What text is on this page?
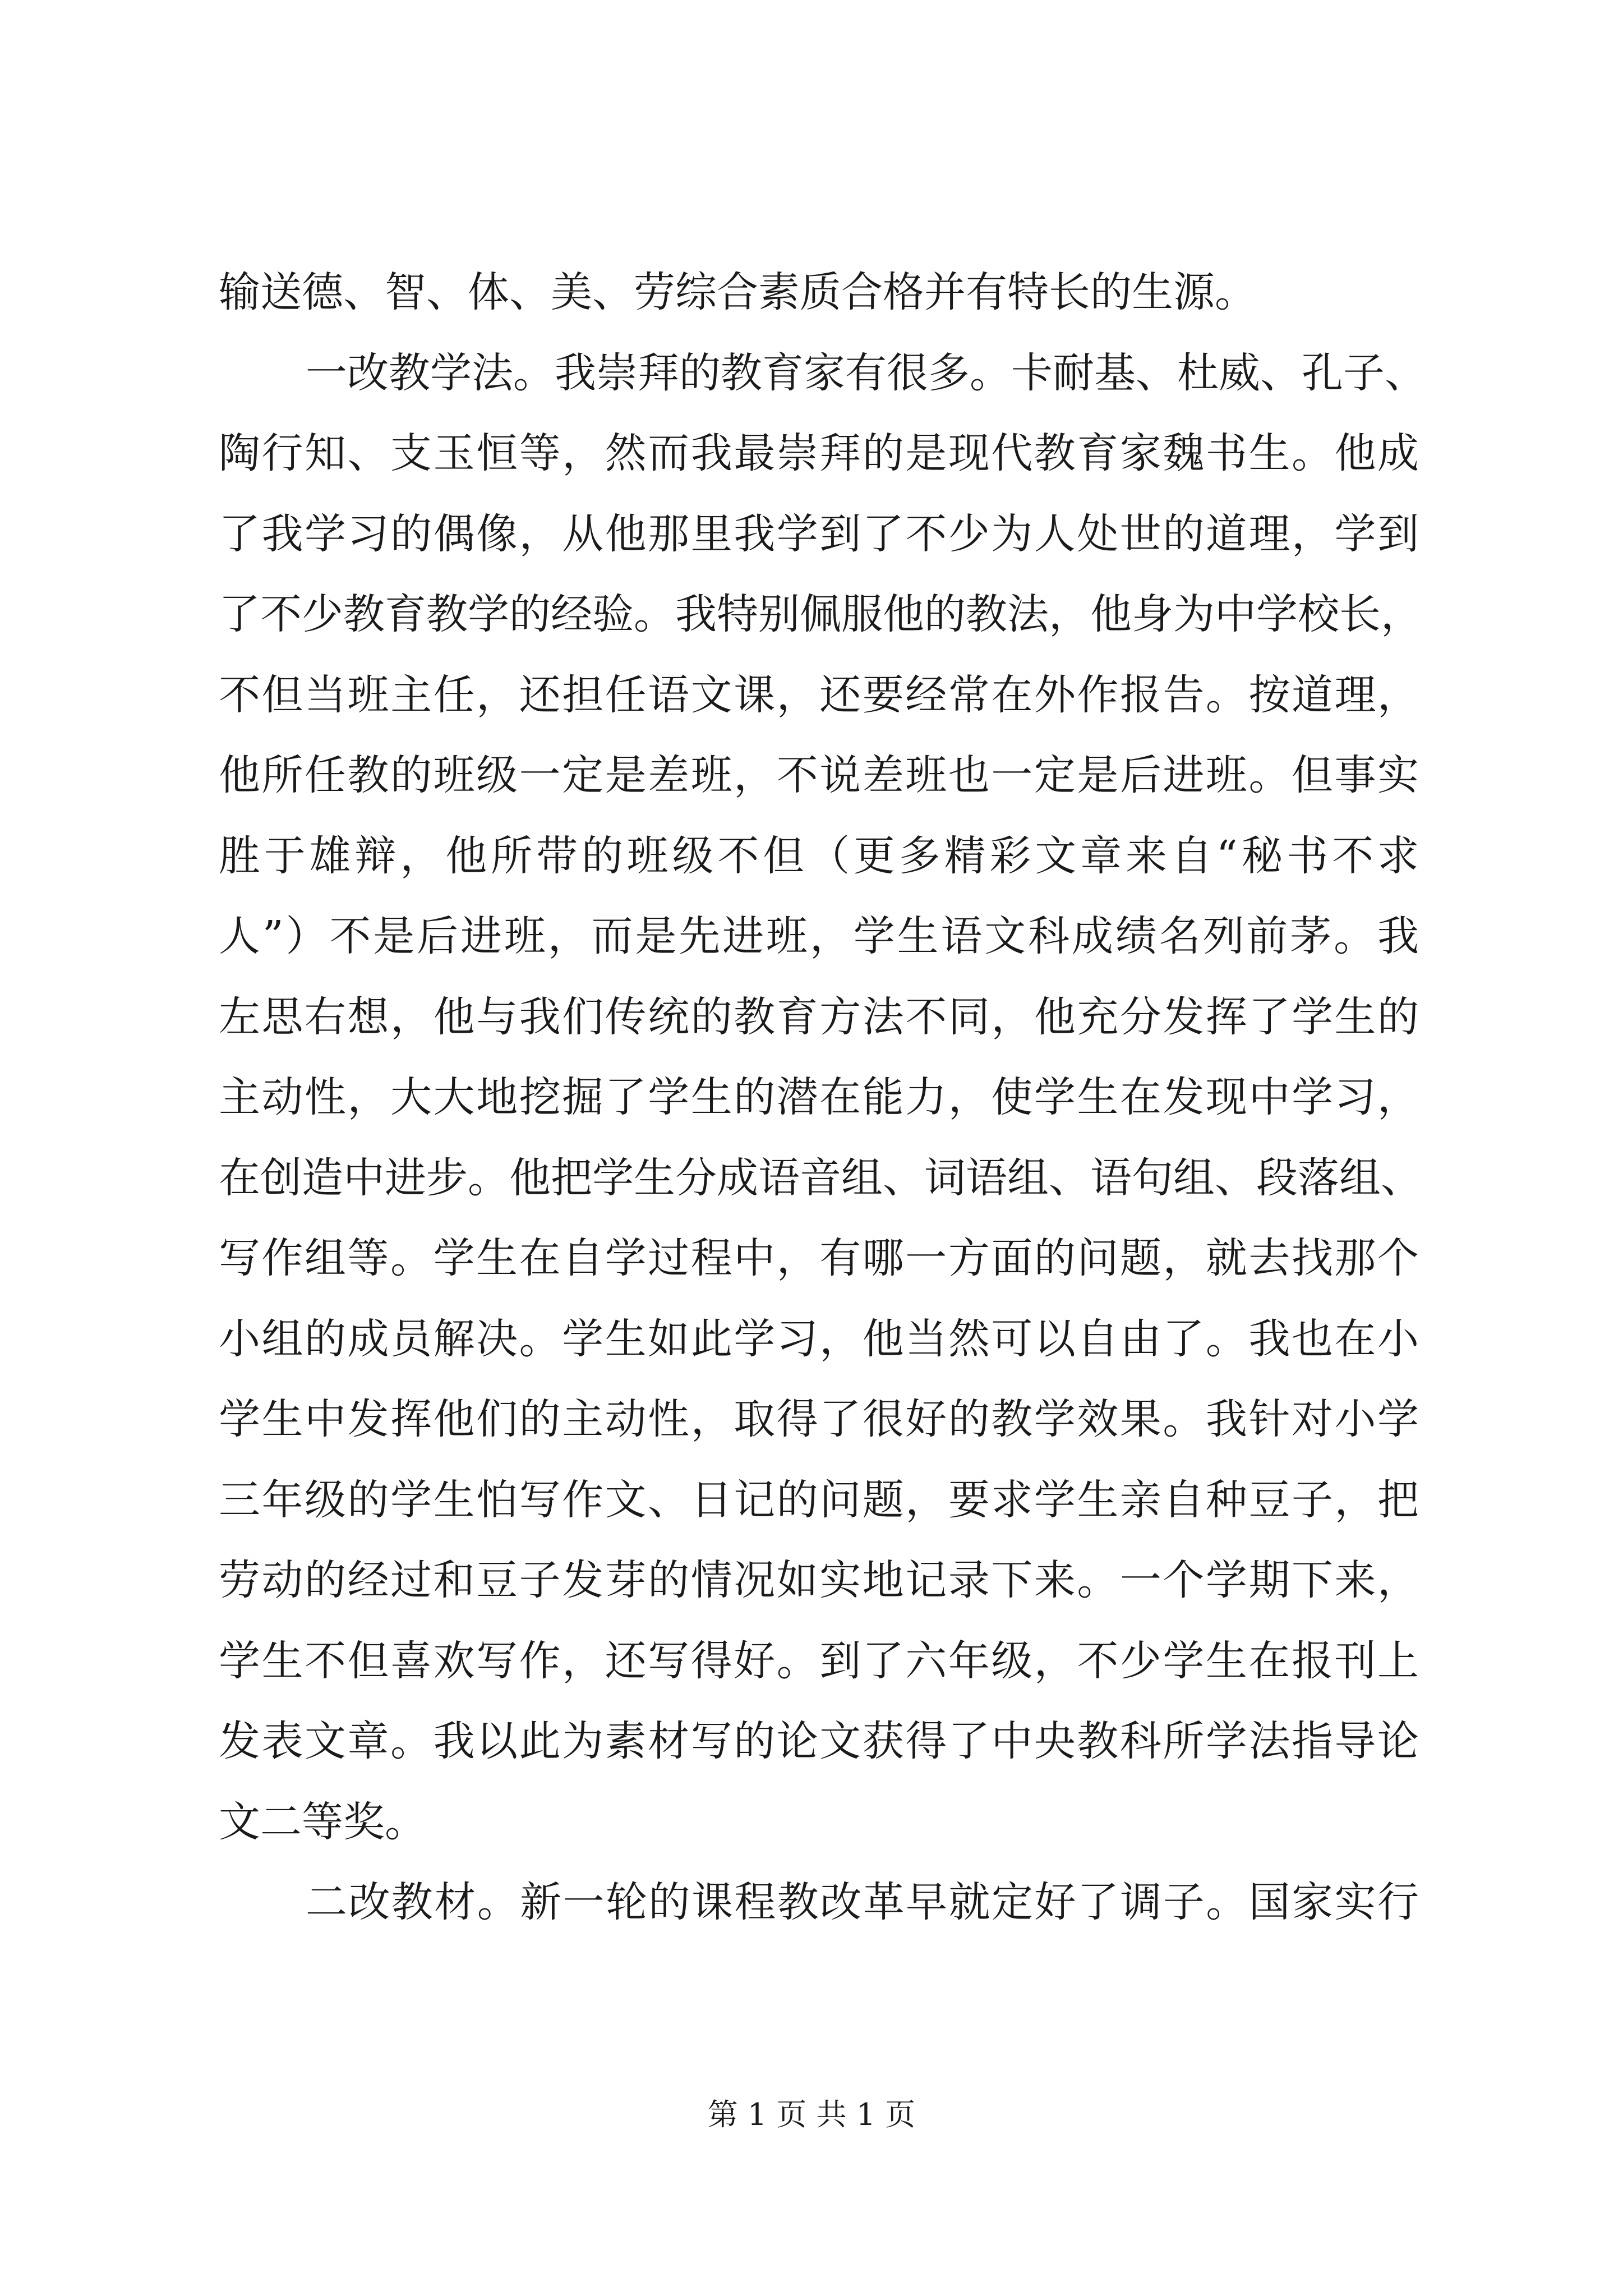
输送德、智、体、美、劳综合素质合格并有特长的生源。
一改教学法。我崇拜的教育家有很多。卡耐基、杜威、孔子、
陶行知、支玉恒等，然而我最崇拜的是现代教育家魏书生。他成
了我学习的偶像，从他那里我学到了不少为人处世的道理，学到
了不少教育教学的经验。我特别佩服他的教法，他身为中学校长，
不但当班主任，还担任语文课，还要经常在外作报告。按道理，
他所任教的班级一定是差班，不说差班也一定是后进班。但事实
胜于雄辩，他所带的班级不但（更多精彩文章来自“秘书不求
人”）不是后进班，而是先进班，学生语文科成绩名列前茅。我
左思右想，他与我们传统的教育方法不同，他充分发挥了学生的
主动性，大大地挖掘了学生的潜在能力，使学生在发现中学习，
在创造中进步。他把学生分成语音组、词语组、语句组、段落组、
写作组等。学生在自学过程中，有哪一方面的问题，就去找那个
小组的成员解决。学生如此学习，他当然可以自由了。我也在小
学生中发挥他们的主动性，取得了很好的教学效果。我针对小学
三年级的学生怕写作文、日记的问题，要求学生亲自种豆子，把
劳动的经过和豆子发芽的情况如实地记录下来。一个学期下来，
学生不但喜欢写作，还写得好。到了六年级，不少学生在报刊上
发表文章。我以此为素材写的论文获得了中央教科所学法指导论
文二等奖。
二改教材。新一轮的课程教改革早就定好了调子。国家实行
第 1 页 共 1 页
